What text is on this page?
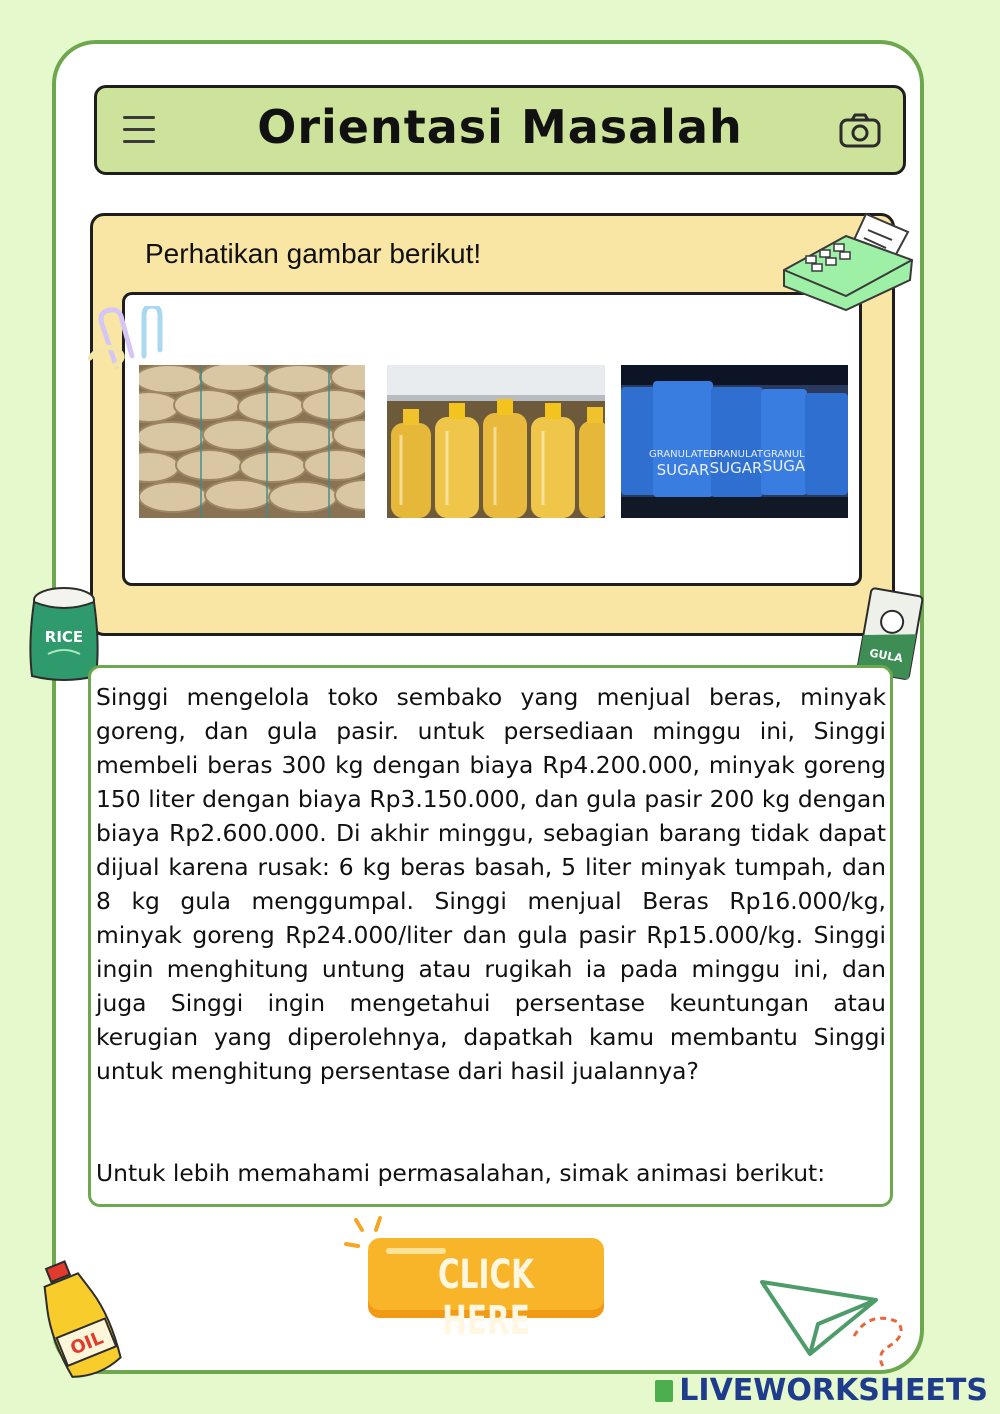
Orientasi Masalah
Perhatikan gambar berikut!
GRANULATED
GRANULAT GRANUL
SUGAR SUGAR SUGA
RICE
GULA

Singgi mengelola toko sembako yang menjual beras, minyak goreng, dan gula pasir. untuk persediaan minggu ini, Singgi membeli beras 300 kg dengan biaya Rp4.200.000, minyak goreng 150 liter dengan biaya Rp3.150.000, dan gula pasir 200 kg dengan biaya Rp2.600.000. Di akhir minggu, sebagian barang tidak dapat dijual karena rusak: 6 kg beras basah, 5 liter minyak tumpah, dan 8 kg gula menggumpal. Singgi menjual Beras Rp16.000/kg, minyak goreng Rp24.000/liter dan gula pasir Rp15.000/kg. Singgi ingin menghitung untung atau rugikah ia pada minggu ini, dan juga Singgi ingin mengetahui persentase keuntungan atau kerugian yang diperolehnya, dapatkah kamu membantu Singgi untuk menghitung persentase dari hasil jualannya?

Untuk lebih memahami permasalahan, simak animasi berikut:
CLICK HERE
OIL
LIVEWORKSHEETS
